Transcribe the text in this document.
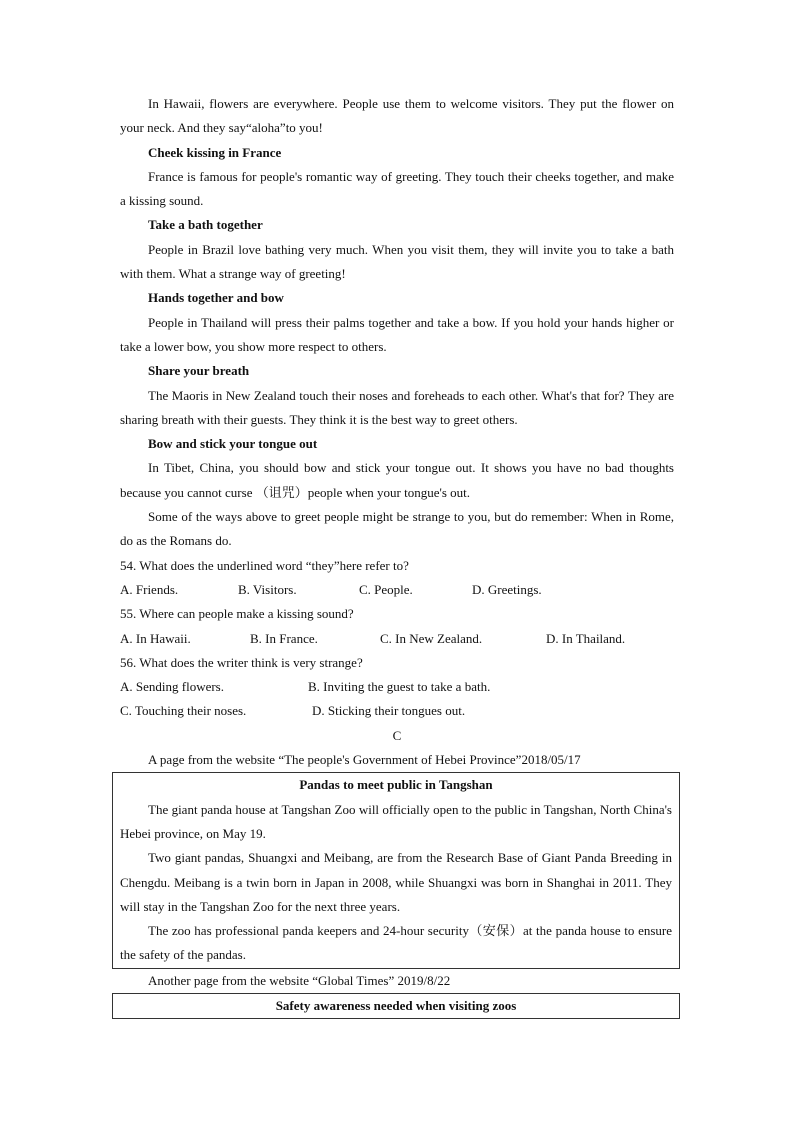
In Hawaii, flowers are everywhere. People use them to welcome visitors. They put the flower on your neck. And they say“aloha”to you!

Cheek kissing in France

France is famous for people's romantic way of greeting. They touch their cheeks together, and make a kissing sound.

Take a bath together

People in Brazil love bathing very much. When you visit them, they will invite you to take a bath with them. What a strange way of greeting!

Hands together and bow

People in Thailand will press their palms together and take a bow. If you hold your hands higher or take a lower bow, you show more respect to others.

Share your breath

The Maoris in New Zealand touch their noses and foreheads to each other. What's that for? They are sharing breath with their guests. They think it is the best way to greet others.

Bow and stick your tongue out

In Tibet, China, you should bow and stick your tongue out. It shows you have no bad thoughts because you cannot curse （诅咒）people when your tongue's out.

Some of the ways above to greet people might be strange to you, but do remember: When in Rome, do as the Romans do.

54. What does the underlined word “they”here refer to?

A. Friends.	B. Visitors.	C. People.	D. Greetings.

55. Where can people make a kissing sound?

A. In Hawaii.	B. In France.	C. In New Zealand.	D. In Thailand.

56. What does the writer think is very strange?

A. Sending flowers.	B. Inviting the guest to take a bath.
C. Touching their noses.	D. Sticking their tongues out.

C

A page from the website “The people's Government of Hebei Province”2018/05/17

Pandas to meet public in Tangshan

The giant panda house at Tangshan Zoo will officially open to the public in Tangshan, North China's Hebei province, on May 19.

Two giant pandas, Shuangxi and Meibang, are from the Research Base of Giant Panda Breeding in Chengdu. Meibang is a twin born in Japan in 2008, while Shuangxi was born in Shanghai in 2011. They will stay in the Tangshan Zoo for the next three years.

The zoo has professional panda keepers and 24-hour security（安保）at the panda house to ensure the safety of the pandas.

Another page from the website “Global Times” 2019/8/22

Safety awareness needed when visiting zoos
